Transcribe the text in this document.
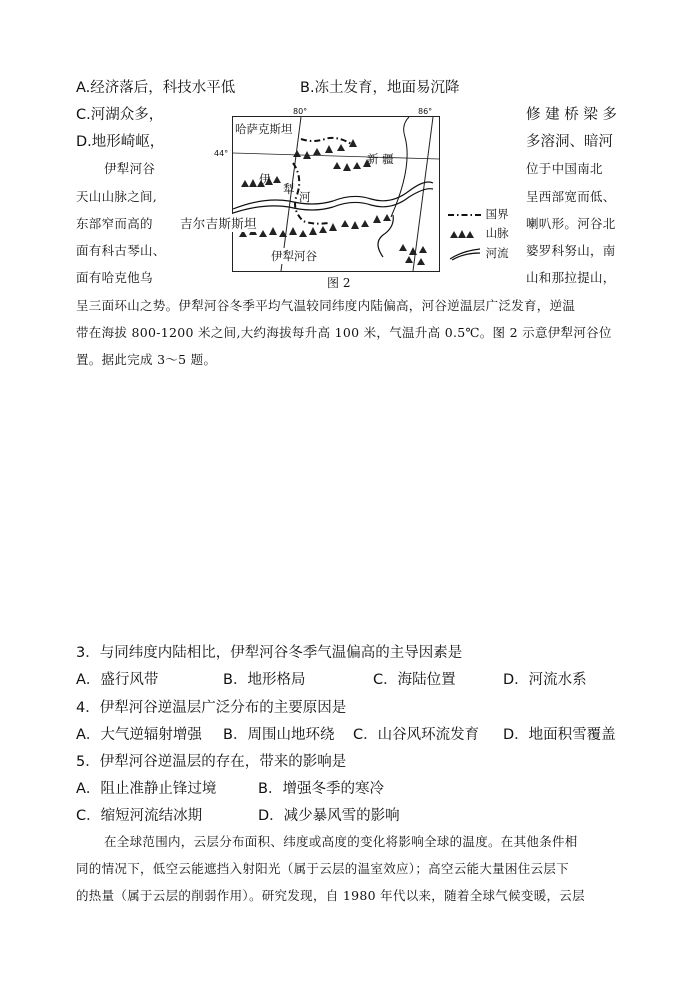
A.经济落后，科技水平低	B.冻土发育，地面易沉降
C.河湖众多，	修 建 桥 梁 多
D.地形崎岖，	多溶洞、暗河
伊犁河谷	位于中国南北
天山山脉之间,	呈西部宽而低、
东部窄而高的	喇叭形。河谷北
面有科古琴山、	婆罗科努山，南
面有哈克他乌	山和那拉提山，
呈三面环山之势。伊犁河谷冬季平均气温较同纬度内陆偏高，河谷逆温层广泛发育，逆温
带在海拔 800-1200 米之间,大约海拔每升高 100 米，气温升高 0.5℃。图 2 示意伊犁河谷位
置。据此完成 3～5 题。
80°	86°
44°
哈萨克斯坦
新 疆
伊
犁
河
伊犁河谷
吉尔吉斯斯坦
国界
山脉
河流
图 2
3．与同纬度内陆相比，伊犁河谷冬季气温偏高的主导因素是
A．盛行风带	B．地形格局	C．海陆位置	D．河流水系
4．伊犁河谷逆温层广泛分布的主要原因是
A．大气逆辐射增强 B．周围山地环绕 C．山谷风环流发育 D．地面积雪覆盖
5．伊犁河谷逆温层的存在，带来的影响是
A．阻止准静止锋过境	B．增强冬季的寒冷
C．缩短河流结冰期	D．减少暴风雪的影响
在全球范围内，云层分布面积、纬度或高度的变化将影响全球的温度。在其他条件相
同的情况下，低空云能遮挡入射阳光（属于云层的温室效应）；高空云能大量困住云层下
的热量（属于云层的削弱作用）。研究发现，自 1980 年代以来，随着全球气候变暖，云层
